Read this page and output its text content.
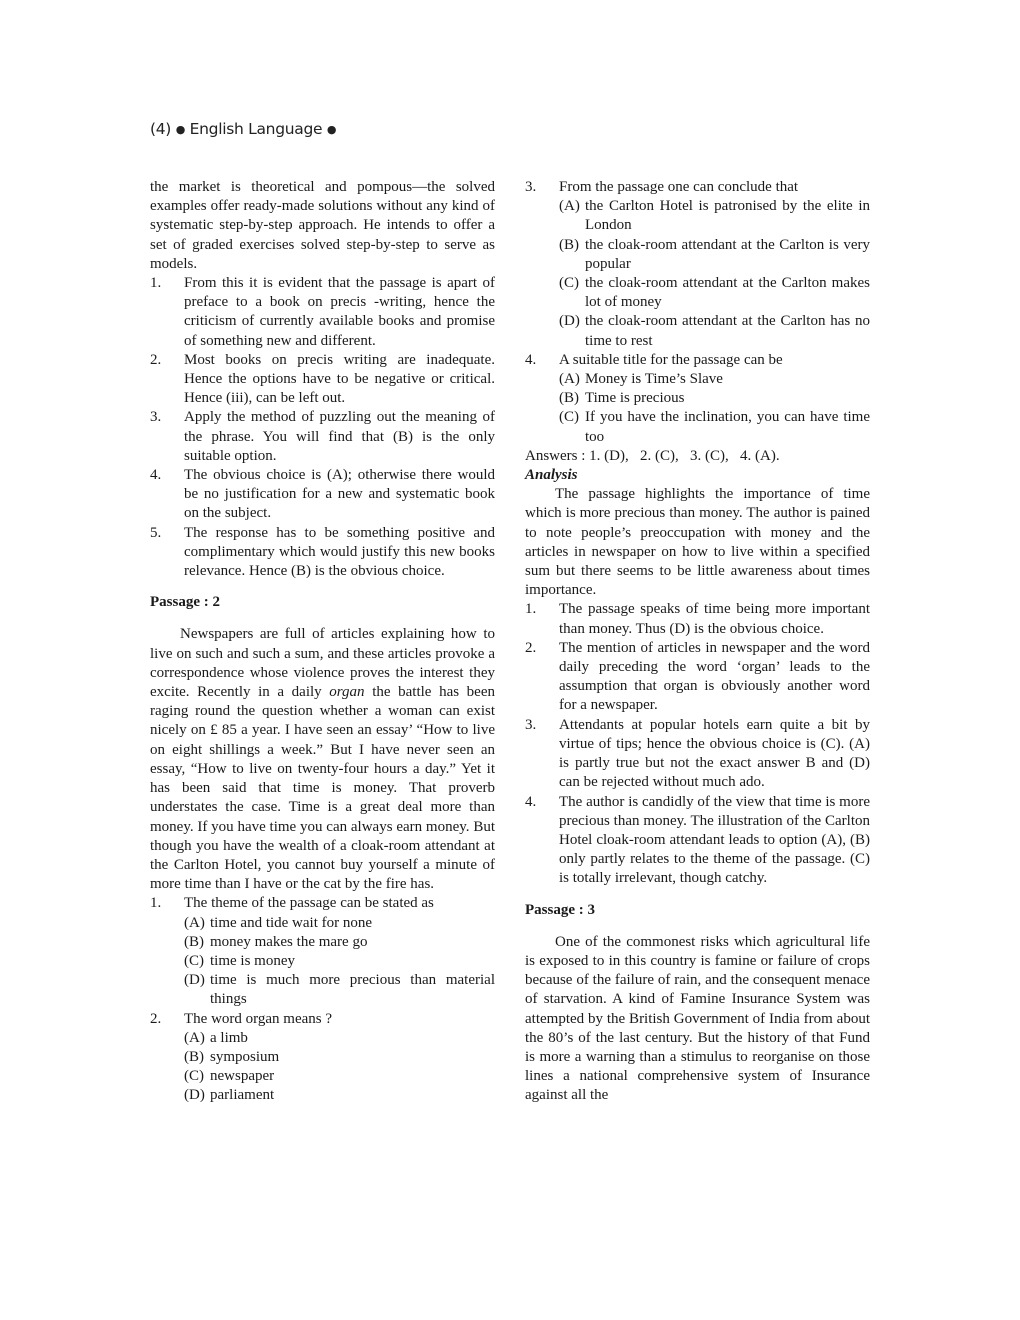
(4) ● English Language ●

the market is theoretical and pompous—the solved examples offer ready-made solutions without any kind of systematic step-by-step approach. He intends to offer a set of graded exercises solved step-by-step to serve as models.

1. From this it is evident that the passage is apart of preface to a book on precis -writing, hence the criticism of currently available books and promise of something new and different.
2. Most books on precis writing are inadequate. Hence the options have to be negative or critical. Hence (iii), can be left out.
3. Apply the method of puzzling out the meaning of the phrase. You will find that (B) is the only suitable option.
4. The obvious choice is (A); otherwise there would be no justification for a new and systematic book on the subject.
5. The response has to be something positive and complimentary which would justify this new books relevance. Hence (B) is the obvious choice.
Passage : 2

Newspapers are full of articles explaining how to live on such and such a sum, and these articles provoke a correspondence whose violence proves the interest they excite. Recently in a daily organ the battle has been raging round the question whether a woman can exist nicely on £ 85 a year. I have seen an essay’ “How to live on eight shillings a week.” But I have never seen an essay, “How to live on twenty-four hours a day.” Yet it has been said that time is money. That proverb understates the case. Time is a great deal more than money. If you have time you can always earn money. But though you have the wealth of a cloak-room attendant at the Carlton Hotel, you cannot buy yourself a minute of more time than I have or the cat by the fire has.

1. The theme of the passage can be stated as
(A) time and tide wait for none
(B) money makes the mare go
(C) time is money
(D) time is much more precious than material things
2. The word organ means ?
(A) a limb
(B) symposium
(C) newspaper
(D) parliament
3. From the passage one can conclude that
(A) the Carlton Hotel is patronised by the elite in London
(B) the cloak-room attendant at the Carlton is very popular
(C) the cloak-room attendant at the Carlton makes lot of money
(D) the cloak-room attendant at the Carlton has no time to rest
4. A suitable title for the passage can be
(A) Money is Time’s Slave
(B) Time is precious
(C) If you have the inclination, you can have time too
Answers : 1. (D), 2. (C), 3. (C), 4. (A).
Analysis

The passage highlights the importance of time which is more precious than money. The author is pained to note people’s preoccupation with money and the articles in newspaper on how to live within a specified sum but there seems to be little awareness about times importance.

1. The passage speaks of time being more important than money. Thus (D) is the obvious choice.
2. The mention of articles in newspaper and the word daily preceding the word ‘organ’ leads to the assumption that organ is obviously another word for a newspaper.
3. Attendants at popular hotels earn quite a bit by virtue of tips; hence the obvious choice is (C). (A) is partly true but not the exact answer B and (D) can be rejected without much ado.
4. The author is candidly of the view that time is more precious than money. The illustration of the Carlton Hotel cloak-room attendant leads to option (A), (B) only partly relates to the theme of the passage. (C) is totally irrelevant, though catchy.
Passage : 3

One of the commonest risks which agricultural life is exposed to in this country is famine or failure of crops because of the failure of rain, and the consequent menace of starvation. A kind of Famine Insurance System was attempted by the British Government of India from about the 80’s of the last century. But the history of that Fund is more a warning than a stimulus to reorganise on those lines a national comprehensive system of Insurance against all the
